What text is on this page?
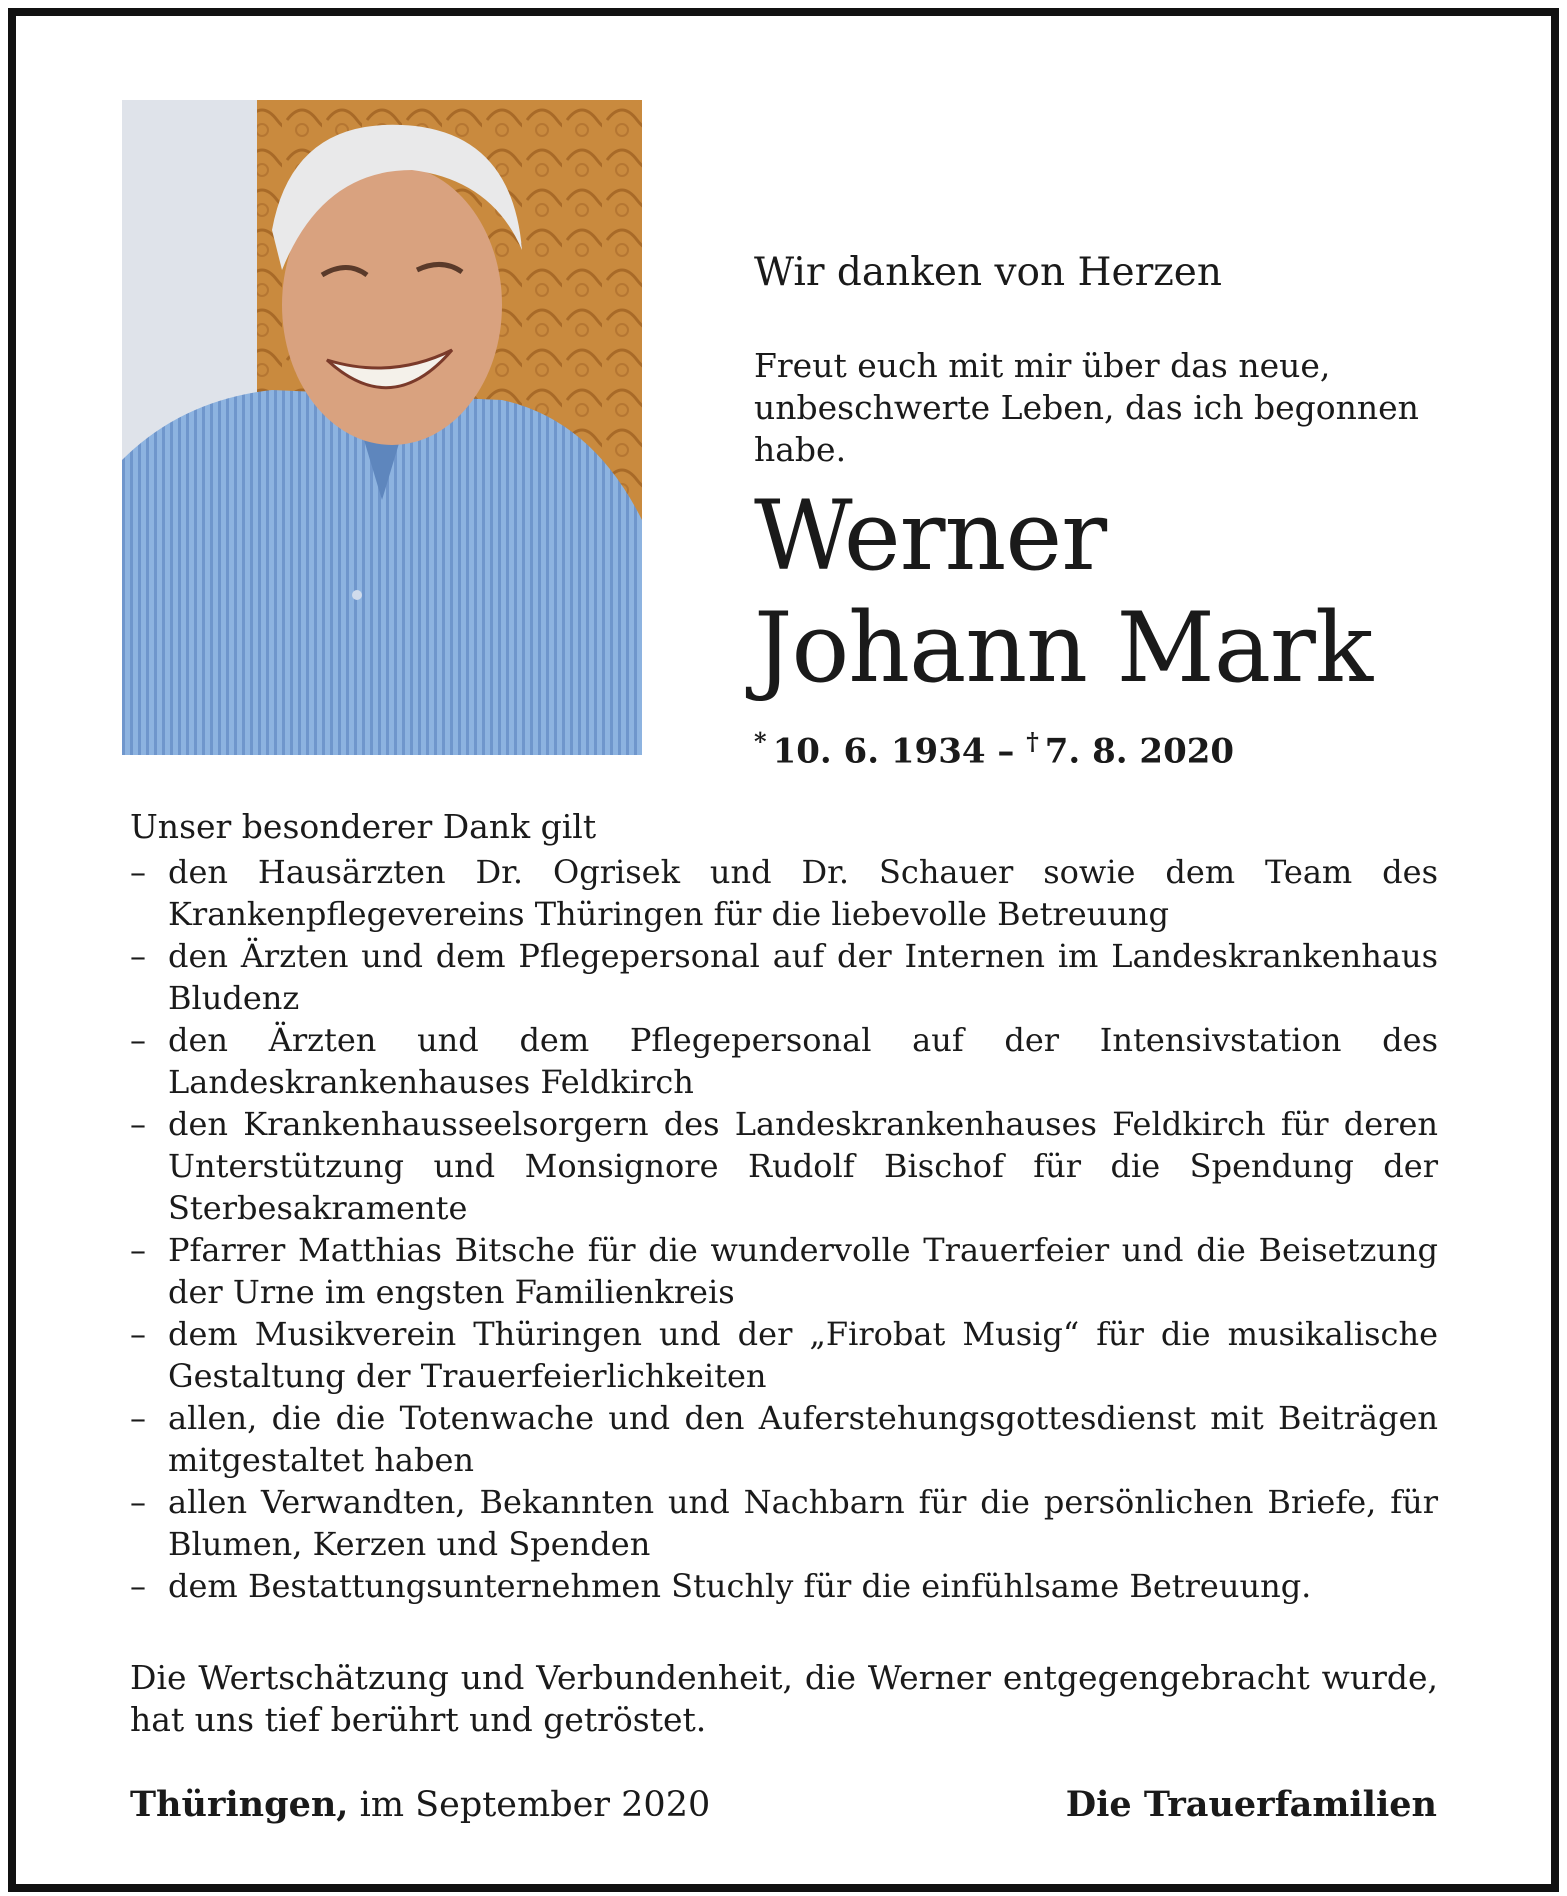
Wir danken von Herzen

Freut euch mit mir über das neue, unbeschwerte Leben, das ich begonnen habe.

Werner
Johann Mark
* 10. 6. 1934 – † 7. 8. 2020

Unser besonderer Dank gilt

– den Hausärzten Dr. Ogrisek und Dr. Schauer sowie dem Team des Krankenpflegevereins Thüringen für die liebevolle Betreuung
– den Ärzten und dem Pflegepersonal auf der Internen im Landeskrankenhaus Bludenz
– den Ärzten und dem Pflegepersonal auf der Intensivstation des Landeskrankenhauses Feldkirch
– den Krankenhausseelsorgern des Landeskrankenhauses Feldkirch für deren Unterstützung und Monsignore Rudolf Bischof für die Spendung der Sterbesakramente
– Pfarrer Matthias Bitsche für die wundervolle Trauerfeier und die Beisetzung der Urne im engsten Familienkreis
– dem Musikverein Thüringen und der „Firobat Musig“ für die musikalische Gestaltung der Trauerfeierlichkeiten
– allen, die die Totenwache und den Auferstehungsgottesdienst mit Beiträgen mitgestaltet haben
– allen Verwandten, Bekannten und Nachbarn für die persönlichen Briefe, für Blumen, Kerzen und Spenden
– dem Bestattungsunternehmen Stuchly für die einfühlsame Betreuung.

Die Wertschätzung und Verbundenheit, die Werner entgegengebracht wurde, hat uns tief berührt und getröstet.

Thüringen, im September 2020	Die Trauerfamilien
